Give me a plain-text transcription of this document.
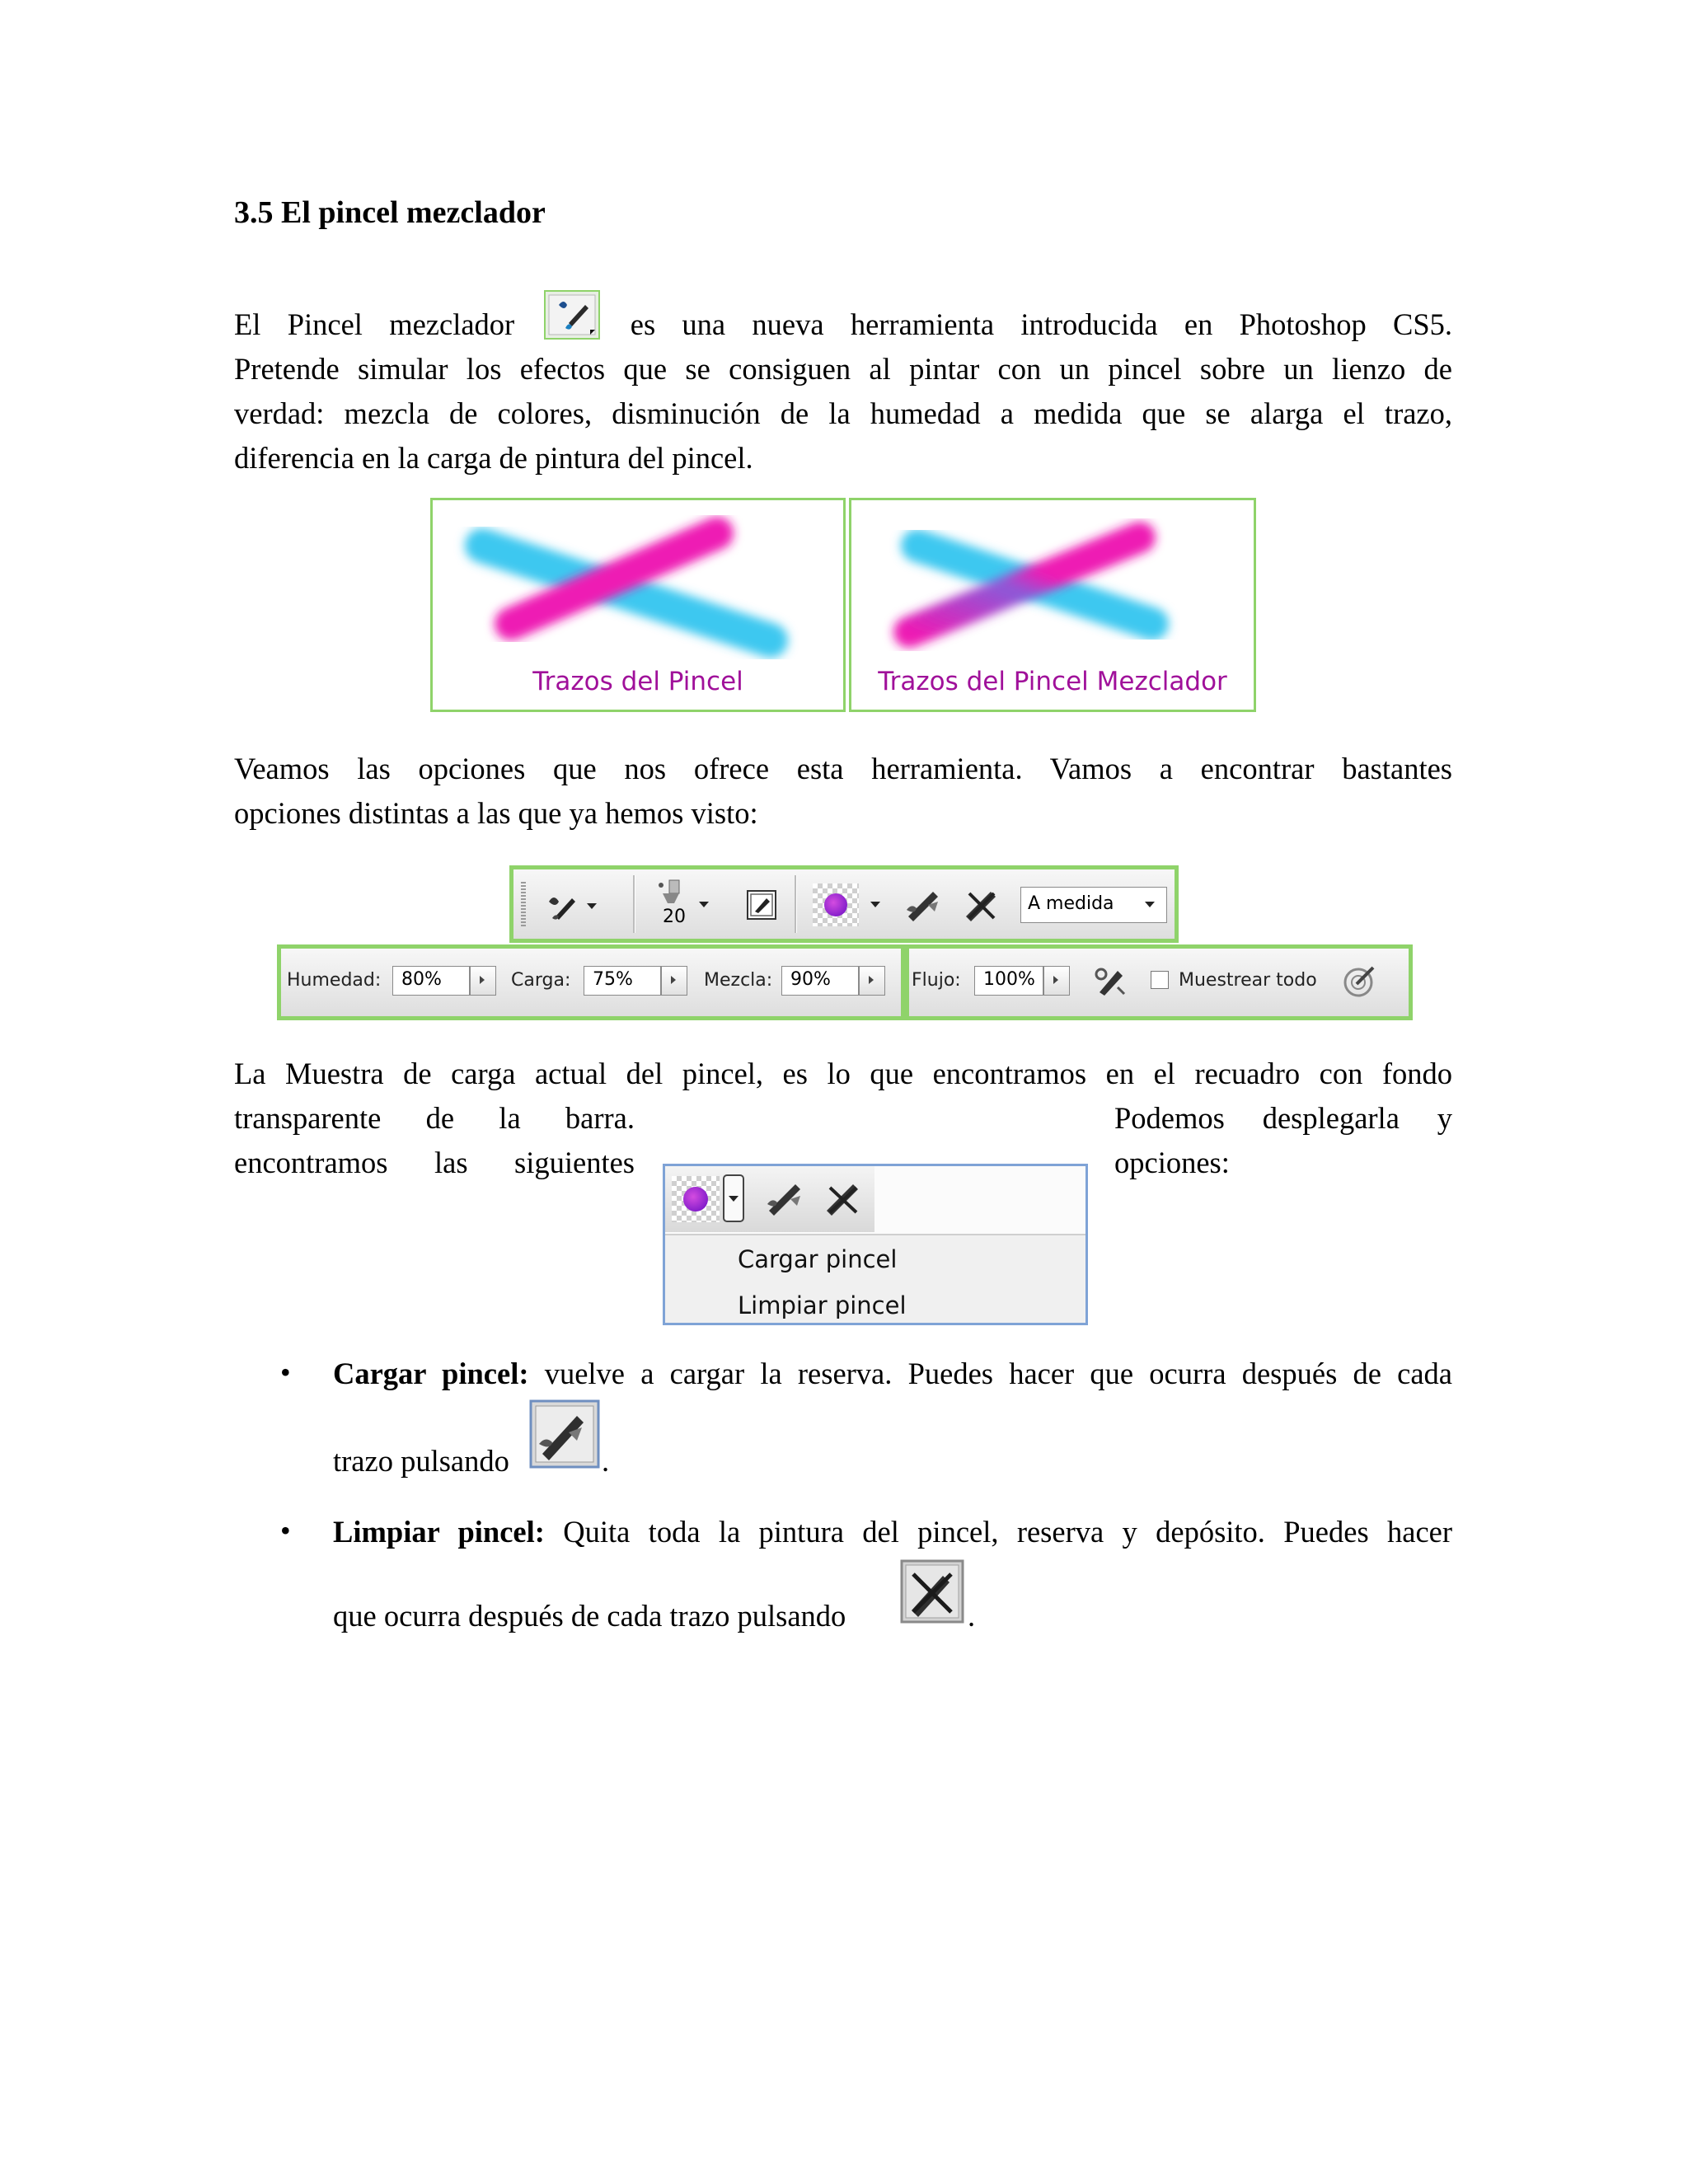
3.5 El pincel mezclador
El Pincel mezclador	es una nueva herramienta introducida en Photoshop CS5.
Pretende simular los efectos que se consiguen al pintar con un pincel sobre un lienzo de
verdad: mezcla de colores, disminución de la humedad a medida que se alarga el trazo,
diferencia en la carga de pintura del pincel.
Trazos del Pincel	Trazos del Pincel Mezclador
Veamos las opciones que nos ofrece esta herramienta. Vamos a encontrar bastantes
opciones distintas a las que ya hemos visto:
20
A medida
Humedad:	80%	Carga:	75%	Mezcla: 90%	Flujo:	100%	Muestrear todo
La Muestra de carga actual del pincel, es lo que encontramos en el recuadro con fondo
transparente de la barra.
encontramos las siguientes
Podemos desplegarla y
opciones:
Cargar pincel
Limpiar pincel
• Cargar pincel: vuelve a cargar la reserva. Puedes hacer que ocurra después de cada
trazo pulsando	.
• Limpiar pincel: Quita toda la pintura del pincel, reserva y depósito. Puedes hacer
que ocurra después de cada trazo pulsando	.
